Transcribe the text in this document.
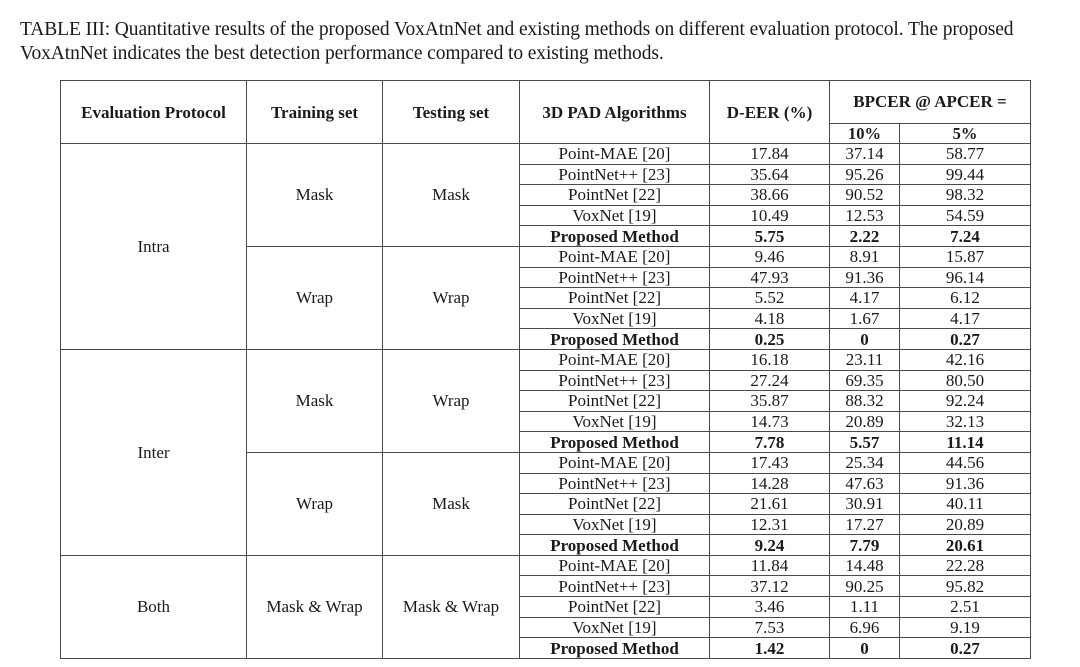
TABLE III: Quantitative results of the proposed VoxAtnNet and existing methods on different evaluation protocol. The proposed VoxAtnNet indicates the best detection performance compared to existing methods.
Evaluation Protocol	Training set	Testing set	3D PAD Algorithms	D-EER (%)	BPCER @ APCER =	
					10%	5%
Intra	Mask	Mask	Point-MAE [20]	17.84	37.14	58.77
			PointNet++ [23]	35.64	95.26	99.44
			PointNet [22]	38.66	90.52	98.32
			VoxNet [19]	10.49	12.53	54.59
			Proposed Method	5.75	2.22	7.24
	Wrap	Wrap	Point-MAE [20]	9.46	8.91	15.87
			PointNet++ [23]	47.93	91.36	96.14
			PointNet [22]	5.52	4.17	6.12
			VoxNet [19]	4.18	1.67	4.17
			Proposed Method	0.25	0	0.27
Inter	Mask	Wrap	Point-MAE [20]	16.18	23.11	42.16
			PointNet++ [23]	27.24	69.35	80.50
			PointNet [22]	35.87	88.32	92.24
			VoxNet [19]	14.73	20.89	32.13
			Proposed Method	7.78	5.57	11.14
	Wrap	Mask	Point-MAE [20]	17.43	25.34	44.56
			PointNet++ [23]	14.28	47.63	91.36
			PointNet [22]	21.61	30.91	40.11
			VoxNet [19]	12.31	17.27	20.89
			Proposed Method	9.24	7.79	20.61
Both	Mask & Wrap	Mask & Wrap	Point-MAE [20]	11.84	14.48	22.28
			PointNet++ [23]	37.12	90.25	95.82
			PointNet [22]	3.46	1.11	2.51
			VoxNet [19]	7.53	6.96	9.19
			Proposed Method	1.42	0	0.27
